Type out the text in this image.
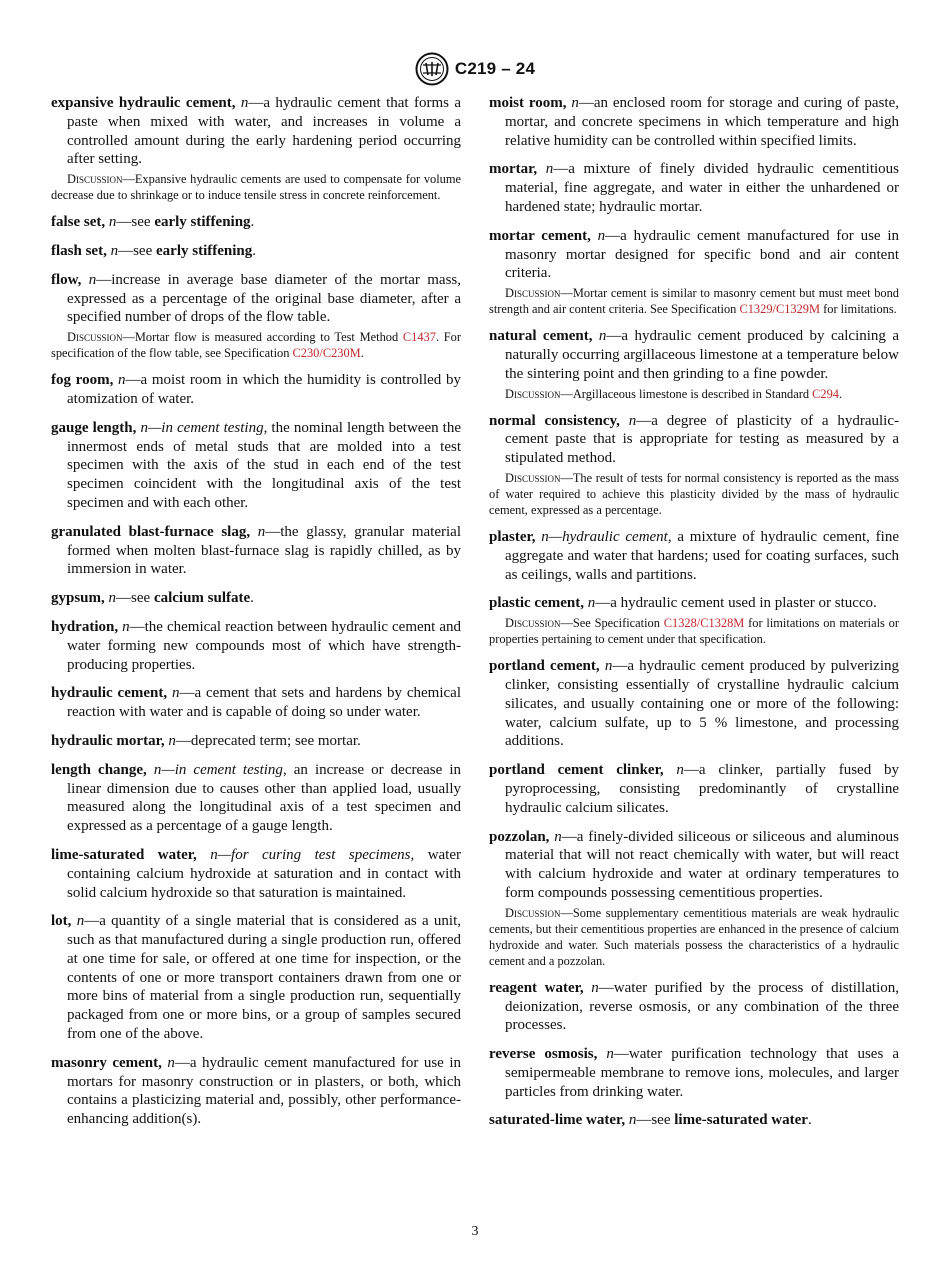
C219 – 24

expansive hydraulic cement, n—a hydraulic cement that forms a paste when mixed with water, and increases in volume a controlled amount during the early hardening period occurring after setting.

Discussion—Expansive hydraulic cements are used to compensate for volume decrease due to shrinkage or to induce tensile stress in concrete reinforcement.

false set, n—see early stiffening.

flash set, n—see early stiffening.

flow, n—increase in average base diameter of the mortar mass, expressed as a percentage of the original base diameter, after a specified number of drops of the flow table.

Discussion—Mortar flow is measured according to Test Method C1437. For specification of the flow table, see Specification C230/C230M.

fog room, n—a moist room in which the humidity is controlled by atomization of water.

gauge length, n—in cement testing, the nominal length between the innermost ends of metal studs that are molded into a test specimen with the axis of the stud in each end of the test specimen coincident with the longitudinal axis of the test specimen and with each other.

granulated blast-furnace slag, n—the glassy, granular material formed when molten blast-furnace slag is rapidly chilled, as by immersion in water.

gypsum, n—see calcium sulfate.

hydration, n—the chemical reaction between hydraulic cement and water forming new compounds most of which have strength-producing properties.

hydraulic cement, n—a cement that sets and hardens by chemical reaction with water and is capable of doing so under water.

hydraulic mortar, n—deprecated term; see mortar.

length change, n—in cement testing, an increase or decrease in linear dimension due to causes other than applied load, usually measured along the longitudinal axis of a test specimen and expressed as a percentage of a gauge length.

lime-saturated water, n—for curing test specimens, water containing calcium hydroxide at saturation and in contact with solid calcium hydroxide so that saturation is maintained.

lot, n—a quantity of a single material that is considered as a unit, such as that manufactured during a single production run, offered at one time for sale, or offered at one time for inspection, or the contents of one or more transport containers drawn from one or more bins of material from a single production run, sequentially packaged from one or more bins, or a group of samples secured from one of the above.

masonry cement, n—a hydraulic cement manufactured for use in mortars for masonry construction or in plasters, or both, which contains a plasticizing material and, possibly, other performance-enhancing addition(s).

moist room, n—an enclosed room for storage and curing of paste, mortar, and concrete specimens in which temperature and high relative humidity can be controlled within specified limits.

mortar, n—a mixture of finely divided hydraulic cementitious material, fine aggregate, and water in either the unhardened or hardened state; hydraulic mortar.

mortar cement, n—a hydraulic cement manufactured for use in masonry mortar designed for specific bond and air content criteria.

Discussion—Mortar cement is similar to masonry cement but must meet bond strength and air content criteria. See Specification C1329/C1329M for limitations.

natural cement, n—a hydraulic cement produced by calcining a naturally occurring argillaceous limestone at a temperature below the sintering point and then grinding to a fine powder.

Discussion—Argillaceous limestone is described in Standard C294.

normal consistency, n—a degree of plasticity of a hydraulic-cement paste that is appropriate for testing as measured by a stipulated method.

Discussion—The result of tests for normal consistency is reported as the mass of water required to achieve this plasticity divided by the mass of hydraulic cement, expressed as a percentage.

plaster, n—hydraulic cement, a mixture of hydraulic cement, fine aggregate and water that hardens; used for coating surfaces, such as ceilings, walls and partitions.

plastic cement, n—a hydraulic cement used in plaster or stucco.

Discussion—See Specification C1328/C1328M for limitations on materials or properties pertaining to cement under that specification.

portland cement, n—a hydraulic cement produced by pulverizing clinker, consisting essentially of crystalline hydraulic calcium silicates, and usually containing one or more of the following: water, calcium sulfate, up to 5 % limestone, and processing additions.

portland cement clinker, n—a clinker, partially fused by pyroprocessing, consisting predominantly of crystalline hydraulic calcium silicates.

pozzolan, n—a finely-divided siliceous or siliceous and aluminous material that will not react chemically with water, but will react with calcium hydroxide and water at ordinary temperatures to form compounds possessing cementitious properties.

Discussion—Some supplementary cementitious materials are weak hydraulic cements, but their cementitious properties are enhanced in the presence of calcium hydroxide and water. Such materials possess the characteristics of a hydraulic cement and a pozzolan.

reagent water, n—water purified by the process of distillation, deionization, reverse osmosis, or any combination of the three processes.

reverse osmosis, n—water purification technology that uses a semipermeable membrane to remove ions, molecules, and larger particles from drinking water.

saturated-lime water, n—see lime-saturated water.

3
